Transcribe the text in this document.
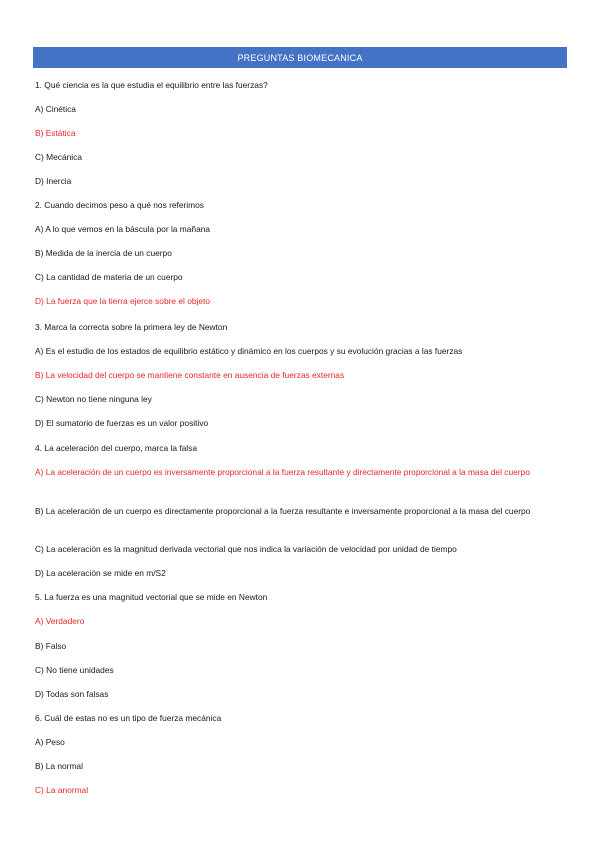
PREGUNTAS BIOMECANICA
1. Qué ciencia es la que estudia el equilibrio entre las fuerzas?
A) Cinética
B) Estática
C) Mecánica
D) Inercia
2. Cuando decimos peso a qué nos referimos
A) A lo que vemos en la báscula por la mañana
B) Medida de la inercia de un cuerpo
C) La cantidad de materia de un cuerpo
D) La fuerza que la tierra ejerce sobre el objeto
3. Marca la correcta sobre la primera ley de Newton
A) Es el estudio de los estados de equilibrio estático y dinámico en los cuerpos y su evolución gracias a las fuerzas
B) La velocidad del cuerpo se mantiene constante en ausencia de fuerzas externas
C) Newton no tiene ninguna ley
D) El sumatorio de fuerzas es un valor positivo
4. La aceleración del cuerpo, marca la falsa
A) La aceleración de un cuerpo es inversamente proporcional a la fuerza resultante y directamente proporcional a la masa del cuerpo
B) La aceleración de un cuerpo es directamente proporcional a la fuerza resultante e inversamente proporcional a la masa del cuerpo
C) La aceleración es la magnitud derivada vectorial que nos indica la variación de velocidad por unidad de tiempo
D) La aceleración se mide en m/S2
5. La fuerza es una magnitud vectorial que se mide en Newton
A) Verdadero
B) Falso
C) No tiene unidades
D) Todas son falsas
6. Cuál de estas no es un tipo de fuerza mecánica
A) Peso
B) La normal
C) La anormal
